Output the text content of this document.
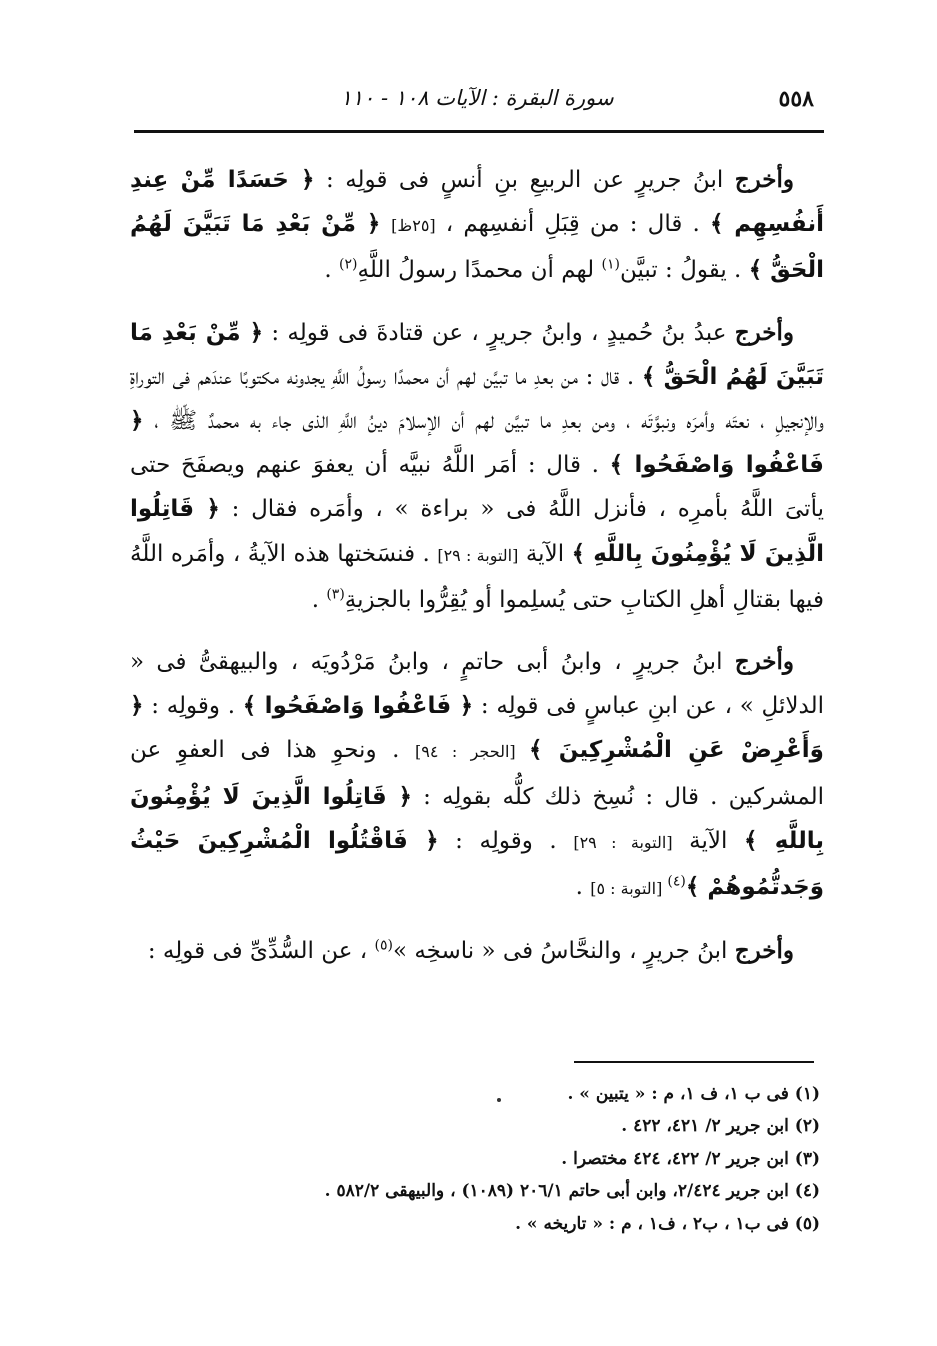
٥٥٨
سورة البقرة : الآيات ١٠٨ - ١١٠

وأخرج ابنُ جريرٍ عن الربيعِ بنِ أنسٍ فى قولِه : ﴿ حَسَدًا مِّنْ عِندِ أَنفُسِهِم ﴾ . قال : من قِبَلِ أنفسِهم ، [٢٥ظ] ﴿ مِّنْ بَعْدِ مَا تَبَيَّنَ لَهُمُ الْحَقُّ ﴾ . يقولُ : تبيَّن$^{(١)}$ لهم أن محمدًا رسولُ اللَّهِ$^{(٢)}$ .

وأخرج عبدُ بنُ حُميدٍ ، وابنُ جريرٍ ، عن قتادةَ فى قولِه : ﴿ مِّنْ بَعْدِ مَا تَبَيَّنَ لَهُمُ الْحَقُّ ﴾ . قال : من بعدِ ما تبيَّن لهم أن محمدًا رسولُ اللَّهِ يجدونه مكتوبًا عندَهم فى التوراةِ والإنجيلِ ، نعتَه وأمرَه ونبوَّتَه ، ومن بعدِ ما تبيَّن لهم أن الإسلامَ دينُ اللَّهِ الذى جاء به محمدٌ ﷺ ، ﴿ فَاعْفُوا وَاصْفَحُوا ﴾ . قال : أمَر اللَّهُ نبيَّه أن يعفوَ عنهم ويصفَحَ حتى يأتىَ اللَّهُ بأمرِه ، فأنزل اللَّهُ فى « براءة » ، وأمَره فقال : ﴿ قَاتِلُوا الَّذِينَ لَا يُؤْمِنُونَ بِاللَّهِ ﴾ الآية [التوبة : ٢٩] . فنسَختها هذه الآيةُ ، وأمَره اللَّهُ فيها بقتالِ أهلِ الكتابِ حتى يُسلِموا أو يُقِرُّوا بالجزيةِ$^{(٣)}$ .

وأخرج ابنُ جريرٍ ، وابنُ أبى حاتمٍ ، وابنُ مَرْدُويَه ، والبيهقىُّ فى « الدلائلِ » ، عن ابنِ عباسٍ فى قولِه : ﴿ فَاعْفُوا وَاصْفَحُوا ﴾ . وقولِه : ﴿ وَأَعْرِضْ عَنِ الْمُشْرِكِينَ ﴾ [الحجر : ٩٤] . ونحوِ هذا فى العفوِ عن المشركين . قال : نُسِخ ذلك كلُّه بقولِه : ﴿ قَاتِلُوا الَّذِينَ لَا يُؤْمِنُونَ بِاللَّهِ ﴾ الآية [التوبة : ٢٩] . وقولِه : ﴿ فَاقْتُلُوا الْمُشْرِكِينَ حَيْثُ وَجَدتُّمُوهُمْ ﴾$^{(٤)}$ [التوبة : ٥] .

وأخرج ابنُ جريرٍ ، والنحَّاسُ فى « ناسخِه »$^{(٥)}$ ، عن السُّدِّىِّ فى قولِه :

(١) فى ب ١، ف ١، م : « يتبين » .

(٢) ابن جرير ٢/ ٤٢١، ٤٢٢ .

(٣) ابن جرير ٢/ ٤٢٢، ٤٢٤ مختصرا .

(٤) ابن جرير ٢/٤٢٤، وابن أبى حاتم ٢٠٦/١ (١٠٨٩) ، والبيهقى ٥٨٢/٢ .

(٥) فى ب١ ، ب٢ ، ف١ ، م : « تاريخه » .
